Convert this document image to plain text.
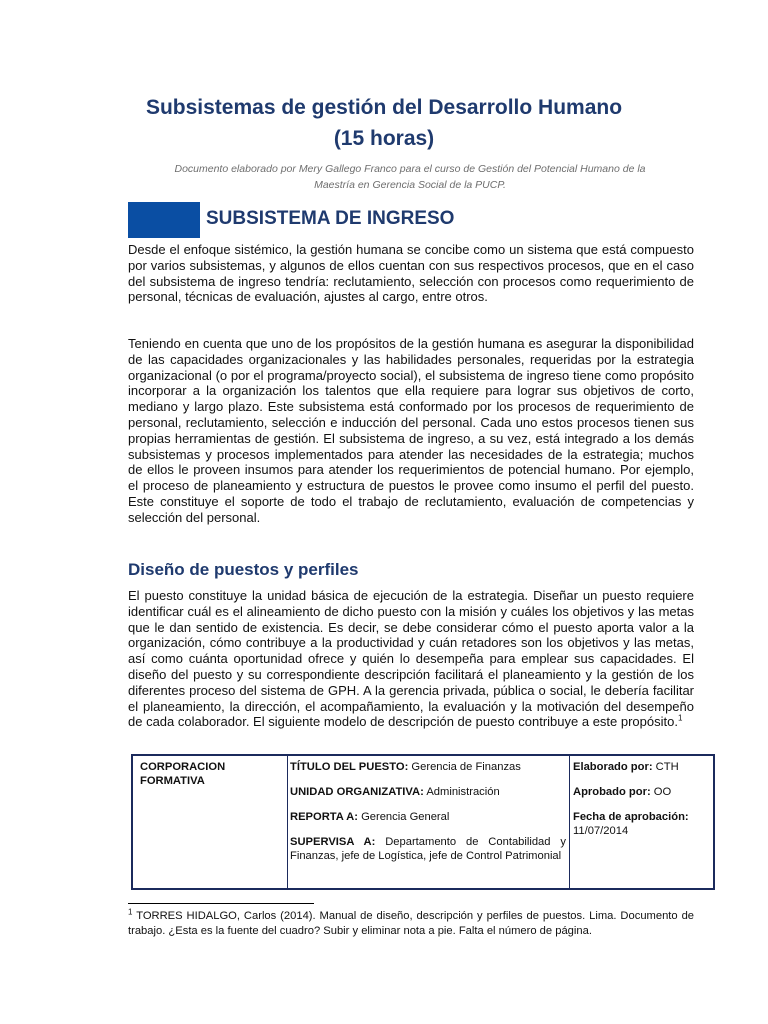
Subsistemas de gestión del Desarrollo Humano
(15 horas)
Documento elaborado por Mery Gallego Franco para el curso de Gestión del Potencial Humano de la
Maestría en Gerencia Social de la PUCP.
SUBSISTEMA DE INGRESO

Desde el enfoque sistémico, la gestión humana se concibe como un sistema que está compuesto por varios subsistemas, y algunos de ellos cuentan con sus respectivos procesos, que en el caso del subsistema de ingreso tendría: reclutamiento, selección con procesos como requerimiento de personal, técnicas de evaluación, ajustes al cargo, entre otros.

Teniendo en cuenta que uno de los propósitos de la gestión humana es asegurar la disponibilidad de las capacidades organizacionales y las habilidades personales, requeridas por la estrategia organizacional (o por el programa/proyecto social), el subsistema de ingreso tiene como propósito incorporar a la organización los talentos que ella requiere para lograr sus objetivos de corto, mediano y largo plazo. Este subsistema está conformado por los procesos de requerimiento de personal, reclutamiento, selección e inducción del personal. Cada uno estos procesos tienen sus propias herramientas de gestión. El subsistema de ingreso, a su vez, está integrado a los demás subsistemas y procesos implementados para atender las necesidades de la estrategia; muchos de ellos le proveen insumos para atender los requerimientos de potencial humano. Por ejemplo, el proceso de planeamiento y estructura de puestos le provee como insumo el perfil del puesto. Este constituye el soporte de todo el trabajo de reclutamiento, evaluación de competencias y selección del personal.

Diseño de puestos y perfiles

El puesto constituye la unidad básica de ejecución de la estrategia. Diseñar un puesto requiere identificar cuál es el alineamiento de dicho puesto con la misión y cuáles los objetivos y las metas que le dan sentido de existencia. Es decir, se debe considerar cómo el puesto aporta valor a la organización, cómo contribuye a la productividad y cuán retadores son los objetivos y las metas, así como cuánta oportunidad ofrece y quién lo desempeña para emplear sus capacidades. El diseño del puesto y su correspondiente descripción facilitará el planeamiento y la gestión de los diferentes proceso del sistema de GPH. A la gerencia privada, pública o social, le debería facilitar el planeamiento, la dirección, el acompañamiento, la evaluación y la motivación del desempeño de cada colaborador. El siguiente modelo de descripción de puesto contribuye a este propósito.$^1$

CORPORACION FORMATIVA
TÍTULO DEL PUESTO: Gerencia de Finanzas
UNIDAD ORGANIZATIVA: Administración
REPORTA A: Gerencia General
SUPERVISA A: Departamento de Contabilidad y Finanzas, jefe de Logística, jefe de Control Patrimonial
Elaborado por: CTH
Aprobado por: OO
Fecha de aprobación:
11/07/2014
$^1$ TORRES HIDALGO, Carlos (2014). Manual de diseño, descripción y perfiles de puestos. Lima. Documento de trabajo. ¿Esta es la fuente del cuadro? Subir y eliminar nota a pie. Falta el número de página.
